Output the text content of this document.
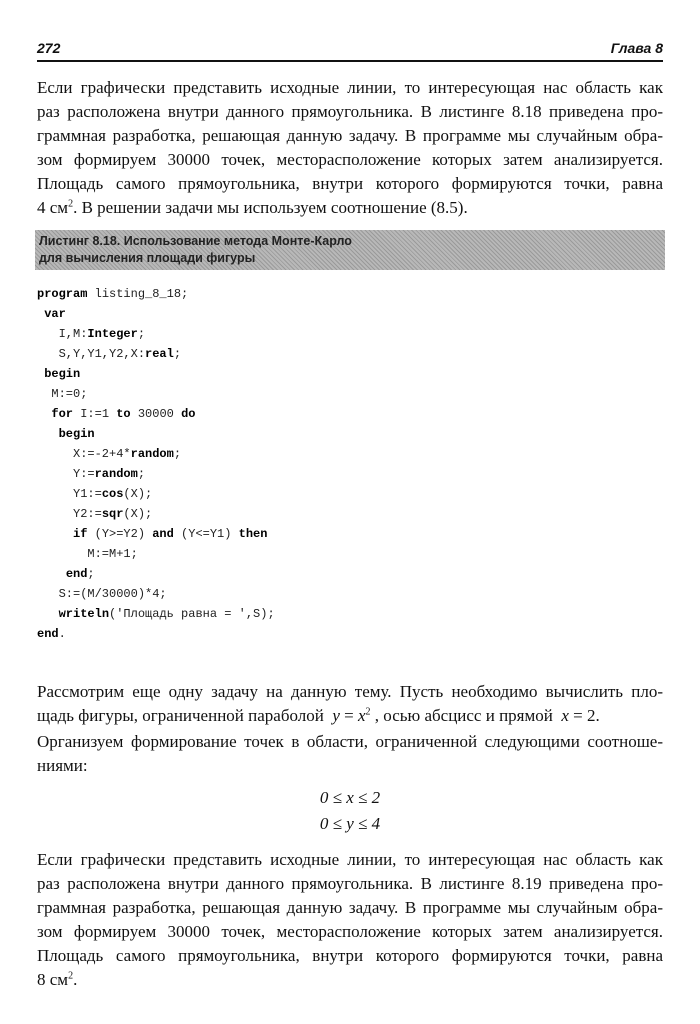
272	Глава 8
Если графически представить исходные линии, то интересующая нас область как
раз расположена внутри данного прямоугольника. В листинге 8.18 приведена про-
граммная разработка, решающая данную задачу. В программе мы случайным обра-
зом формируем 30000 точек, месторасположение которых затем анализируется.
Площадь самого прямоугольника, внутри которого формируются точки, равна
4 $см^2$. В решении задачи мы используем соотношение (8.5).
Листинг 8.18. Использование метода Монте-Карло
для вычисления площади фигуры
program listing_8_18;
var
I,M:Integer;
S,Y,Y1,Y2,X:real;
begin
M:=0;
for I:=1 to 30000 do
begin
X:=-2+4*random;
Y:=random;
Y1:=cos(X);
Y2:=sqr(X);
if (Y>=Y2) and (Y<=Y1) then
M:=M+1;
end;
S:=(M/30000)*4;
writeln('Площадь равна = ',S);
end.
Рассмотрим еще одну задачу на данную тему. Пусть необходимо вычислить пло-
щадь фигуры, ограниченной параболой  $y = x^2$ , осью абсцисс и прямой  x = 2.
Организуем формирование точек в области, ограниченной следующими соотноше-
ниями:
0 ≤ x ≤ 2
0 ≤ y ≤ 4
Если графически представить исходные линии, то интересующая нас область как
раз расположена внутри данного прямоугольника. В листинге 8.19 приведена про-
граммная разработка, решающая данную задачу. В программе мы случайным обра-
зом формируем 30000 точек, месторасположение которых затем анализируется.
Площадь самого прямоугольника, внутри которого формируются точки, равна
8 $см^2$.
